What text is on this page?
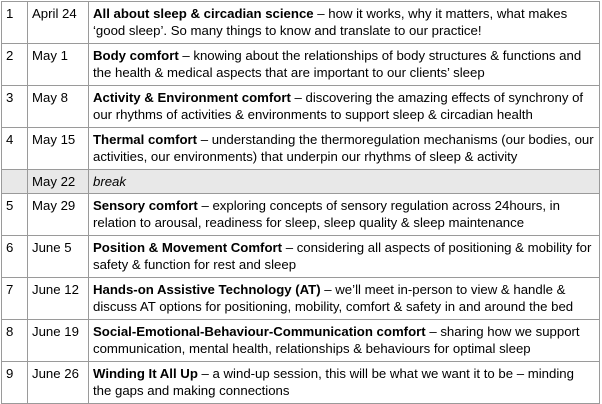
1	April 24	All about sleep & circadian science – how it works, why it matters, what makes ‘good sleep’. So many things to know and translate to our practice!
2	May 1	Body comfort – knowing about the relationships of body structures & functions and the health & medical aspects that are important to our clients’ sleep
3	May 8	Activity & Environment comfort – discovering the amazing effects of synchrony of our rhythms of activities & environments to support sleep & circadian health
4	May 15	Thermal comfort – understanding the thermoregulation mechanisms (our bodies, our activities, our environments) that underpin our rhythms of sleep & activity
	May 22	break
5	May 29	Sensory comfort – exploring concepts of sensory regulation across 24hours, in relation to arousal, readiness for sleep, sleep quality & sleep maintenance
6	June 5	Position & Movement Comfort – considering all aspects of positioning & mobility for safety & function for rest and sleep
7	June 12	Hands-on Assistive Technology (AT) – we’ll meet in-person to view & handle & discuss AT options for positioning, mobility, comfort & safety in and around the bed
8	June 19	Social-Emotional-Behaviour-Communication comfort – sharing how we support communication, mental health, relationships & behaviours for optimal sleep
9	June 26	Winding It All Up – a wind-up session, this will be what we want it to be – minding the gaps and making connections
